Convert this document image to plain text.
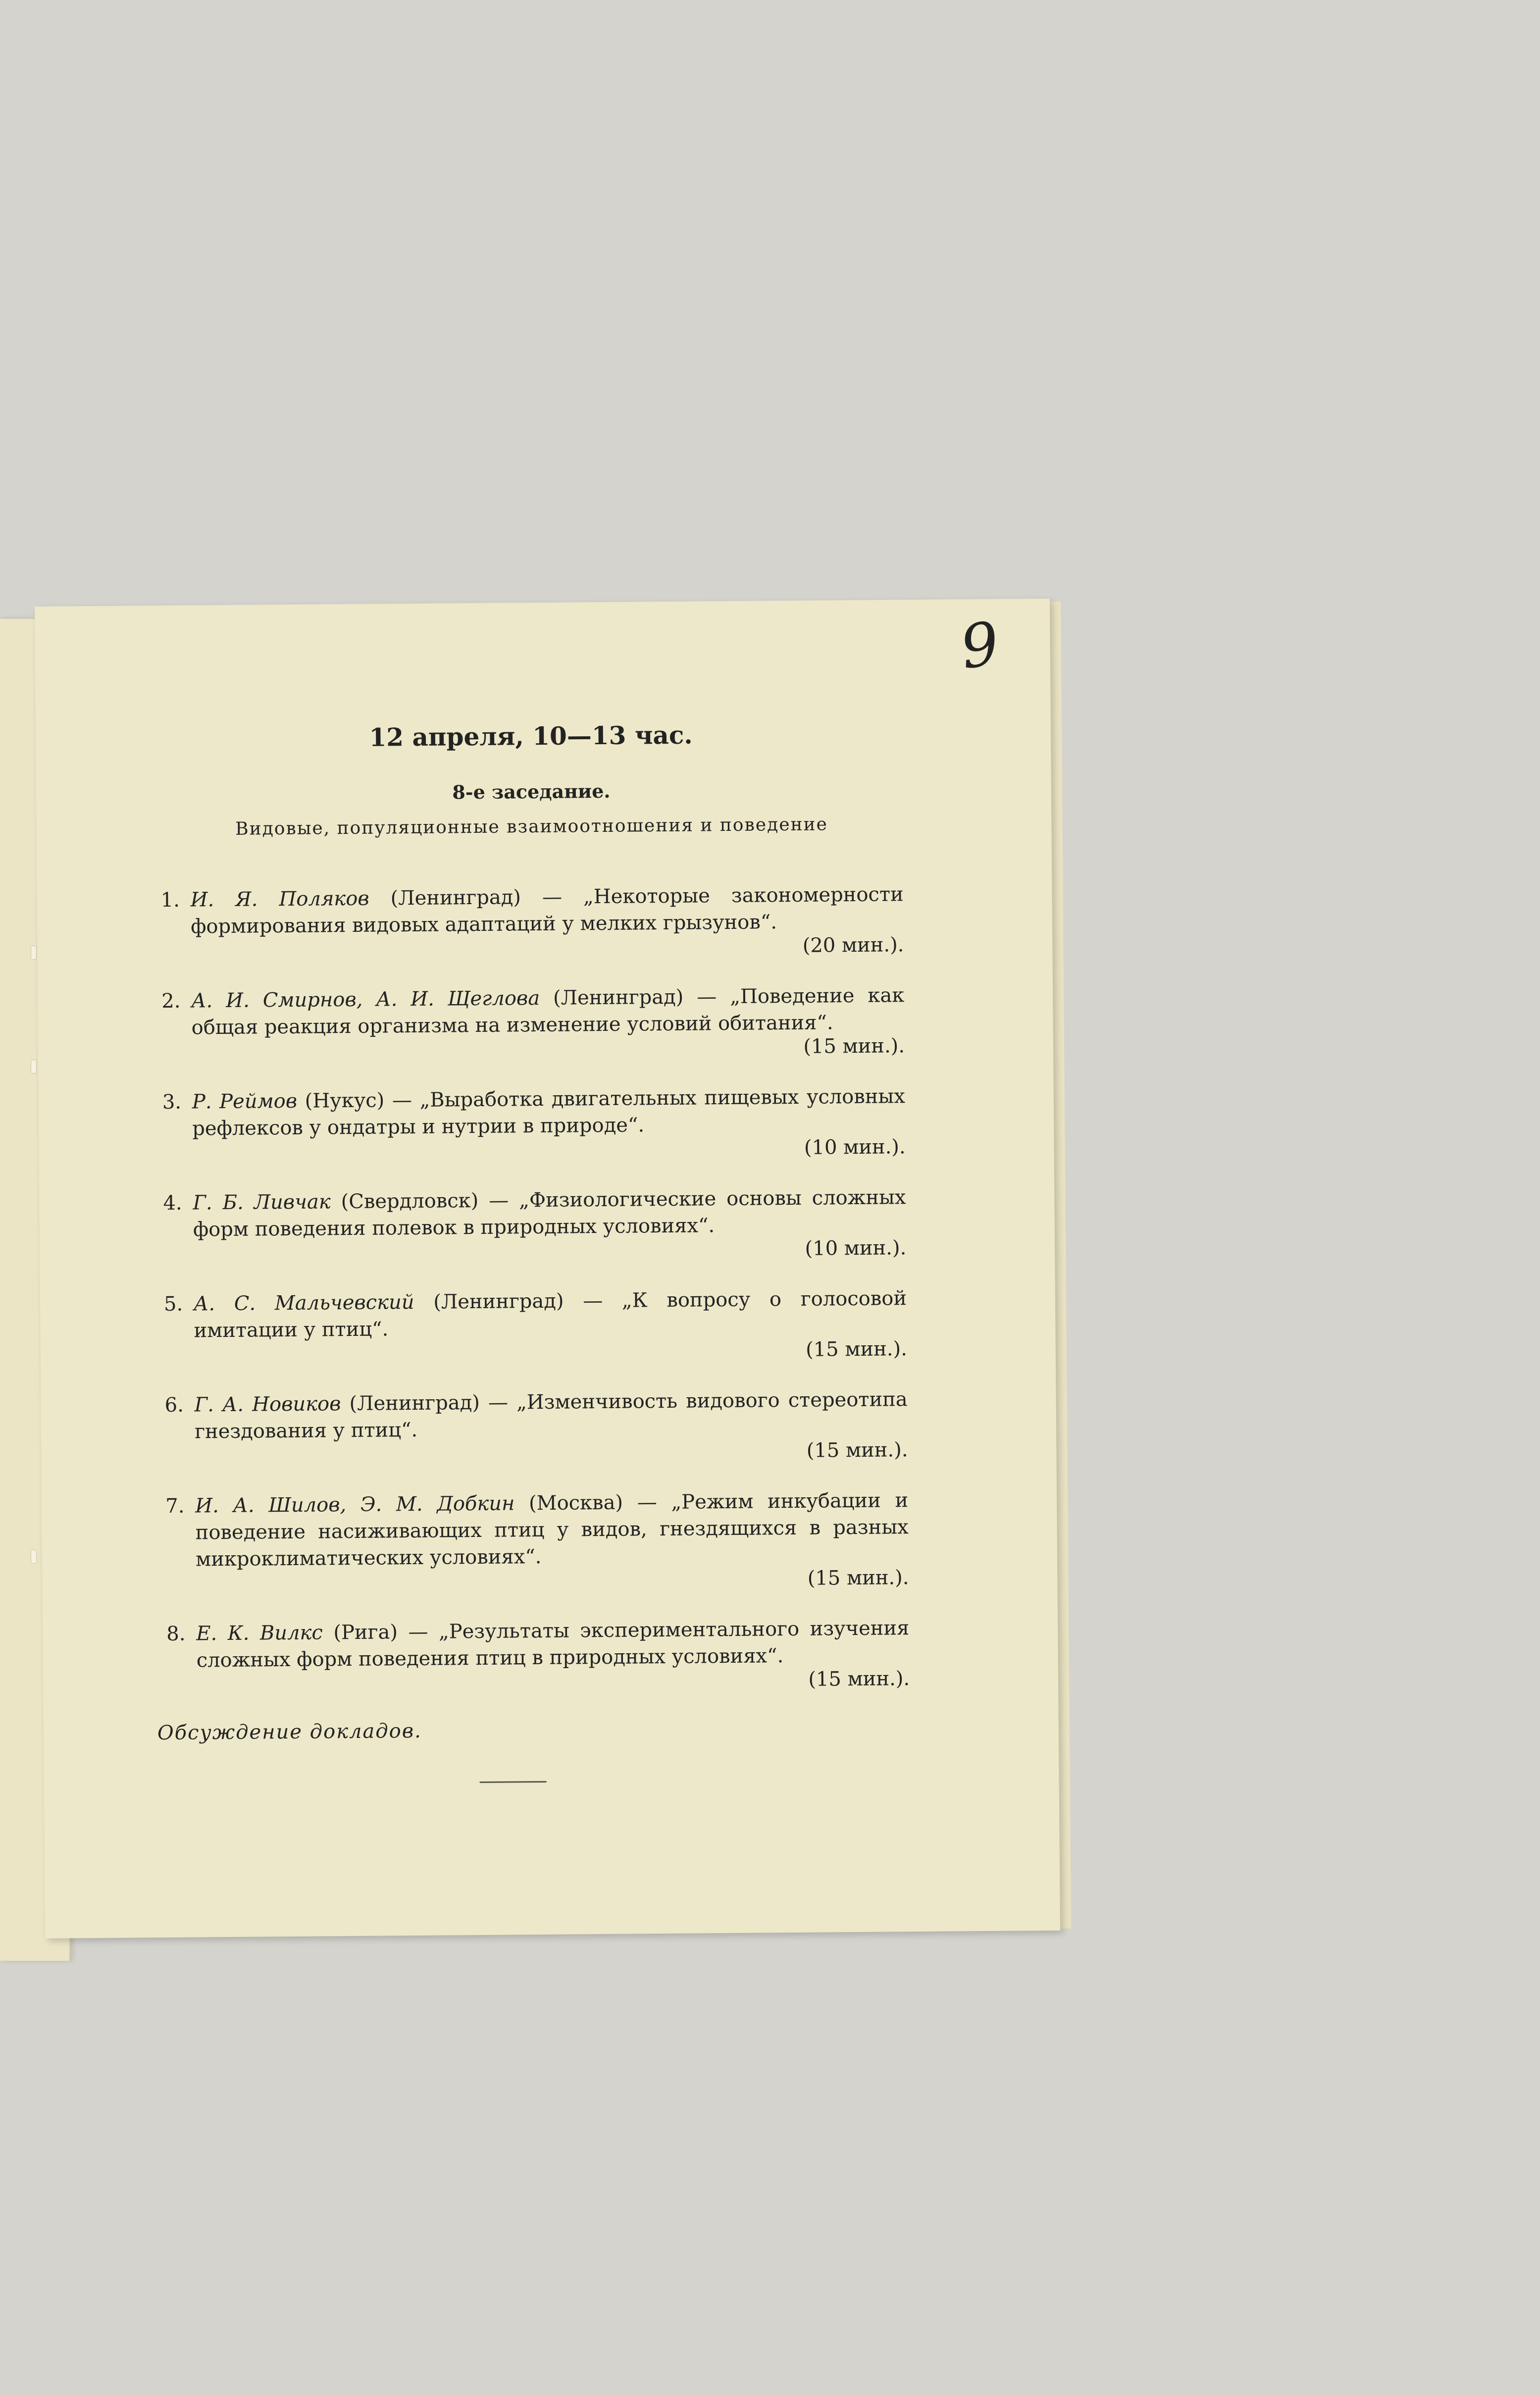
9
12 апреля, 10—13 час.
8-е заседание.
Видовые, популяционные взаимоотношения и поведение
1. И. Я. Поляков (Ленинград) — „Некоторые закономерности формирования видовых адаптаций у мелких грызунов“.
(20 мин.).
2. А. И. Смирнов, А. И. Щеглова (Ленинград) — „Поведение как общая реакция организма на изменение условий обитания“.
(15 мин.).
3. Р. Реймов (Нукус) — „Выработка двигательных пищевых условных рефлексов у ондатры и нутрии в природе“.
(10 мин.).
4. Г. Б. Ливчак (Свердловск) — „Физиологические основы сложных форм поведения полевок в природных условиях“.
(10 мин.).
5. А. С. Мальчевский (Ленинград) — „К вопросу о голосовой имитации у птиц“.
(15 мин.).
6. Г. А. Новиков (Ленинград) — „Изменчивость видового стереотипа гнездования у птиц“.
(15 мин.).
7. И. А. Шилов, Э. М. Добкин (Москва) — „Режим инкубации и поведение насиживающих птиц у видов, гнездящихся в разных микроклиматических условиях“.
(15 мин.).
8. Е. К. Вилкс (Рига) — „Результаты экспериментального изучения сложных форм поведения птиц в природных условиях“.
(15 мин.).
Обсуждение докладов.
